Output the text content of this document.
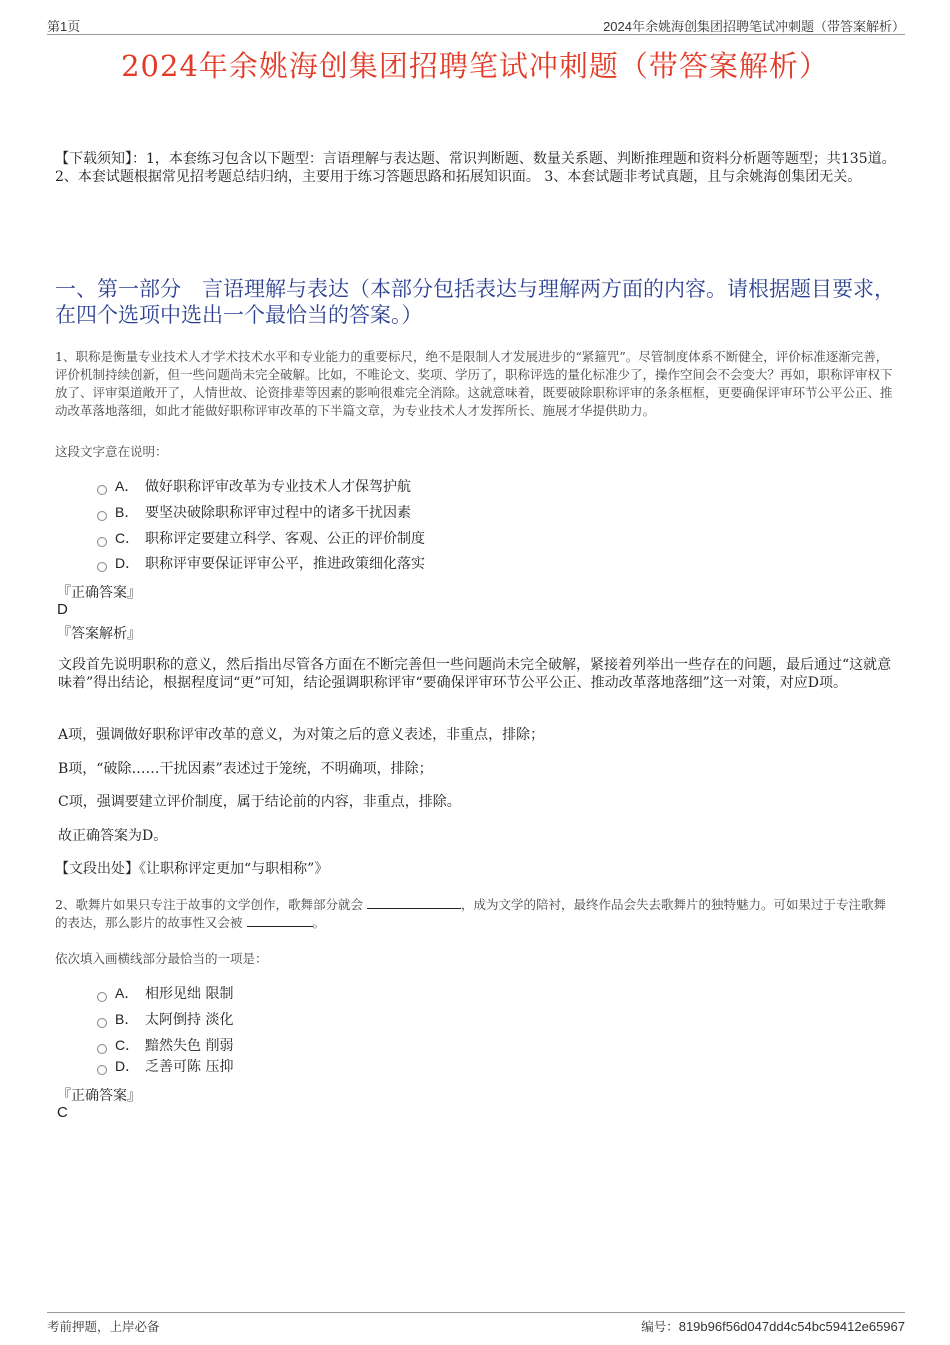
第1页	2024年余姚海创集团招聘笔试冲刺题（带答案解析）
2024年余姚海创集团招聘笔试冲刺题（带答案解析）
【下载须知】：1，本套练习包含以下题型：言语理解与表达题、常识判断题、数量关系题、判断推理题和资料分析题等题型；共135道。 2、本套试题根据常见招考题总结归纳，主要用于练习答题思路和拓展知识面。 3、本套试题非考试真题，且与余姚海创集团无关。
一、第一部分　言语理解与表达（本部分包括表达与理解两方面的内容。请根据题目要求，在四个选项中选出一个最恰当的答案。）
1、职称是衡量专业技术人才学术技术水平和专业能力的重要标尺，绝不是限制人才发展进步的“紧箍咒”。尽管制度体系不断健全，评价标准逐渐完善，评价机制持续创新，但一些问题尚未完全破解。比如，不唯论文、奖项、学历了，职称评选的量化标准少了，操作空间会不会变大？再如，职称评审权下放了、评审渠道敞开了，人情世故、论资排辈等因素的影响很难完全消除。这就意味着，既要破除职称评审的条条框框，更要确保评审环节公平公正、推动改革落地落细，如此才能做好职称评审改革的下半篇文章，为专业技术人才发挥所长、施展才华提供助力。
这段文字意在说明：
A． 做好职称评审改革为专业技术人才保驾护航
B． 要坚决破除职称评审过程中的诸多干扰因素
C． 职称评定要建立科学、客观、公正的评价制度
D． 职称评审要保证评审公平，推进政策细化落实
『正确答案』
D
『答案解析』
文段首先说明职称的意义，然后指出尽管各方面在不断完善但一些问题尚未完全破解，紧接着列举出一些存在的问题，最后通过“这就意味着”得出结论，根据程度词“更”可知，结论强调职称评审“要确保评审环节公平公正、推动改革落地落细”这一对策，对应D项。
A项，强调做好职称评审改革的意义，为对策之后的意义表述，非重点，排除；
B项，“破除……干扰因素”表述过于笼统，不明确项，排除；
C项，强调要建立评价制度，属于结论前的内容，非重点，排除。
故正确答案为D。
【文段出处】《让职称评定更加“与职相称”》
2、歌舞片如果只专注于故事的文学创作，歌舞部分就会	，成为文学的陪衬，最终作品会失去歌舞片的独特魅力。可如果过于专注歌舞的表达，那么影片的故事性又会被	。
依次填入画横线部分最恰当的一项是：
A． 相形见绌 限制
B． 太阿倒持 淡化
C． 黯然失色 削弱
D． 乏善可陈 压抑
『正确答案』
C
考前押题，上岸必备	编号：819b96f56d047dd4c54bc59412e65967
